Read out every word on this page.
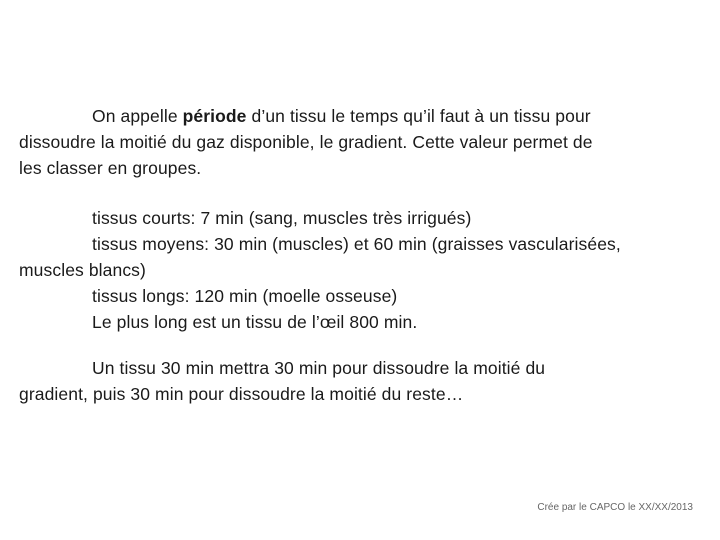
On appelle période d’un tissu le temps qu’il faut à un tissu pour
dissoudre la moitié du gaz disponible, le gradient. Cette valeur permet de
les classer en groupes.
tissus courts: 7 min (sang, muscles très irrigués)
tissus moyens: 30 min (muscles) et 60 min (graisses vascularisées,
muscles blancs)
tissus longs: 120 min (moelle osseuse)
Le plus long est un tissu de l’œil 800 min.
Un tissu 30 min mettra 30 min pour dissoudre la moitié du
gradient, puis 30 min pour dissoudre la moitié du reste…
Crée par le CAPCO le XX/XX/2013
